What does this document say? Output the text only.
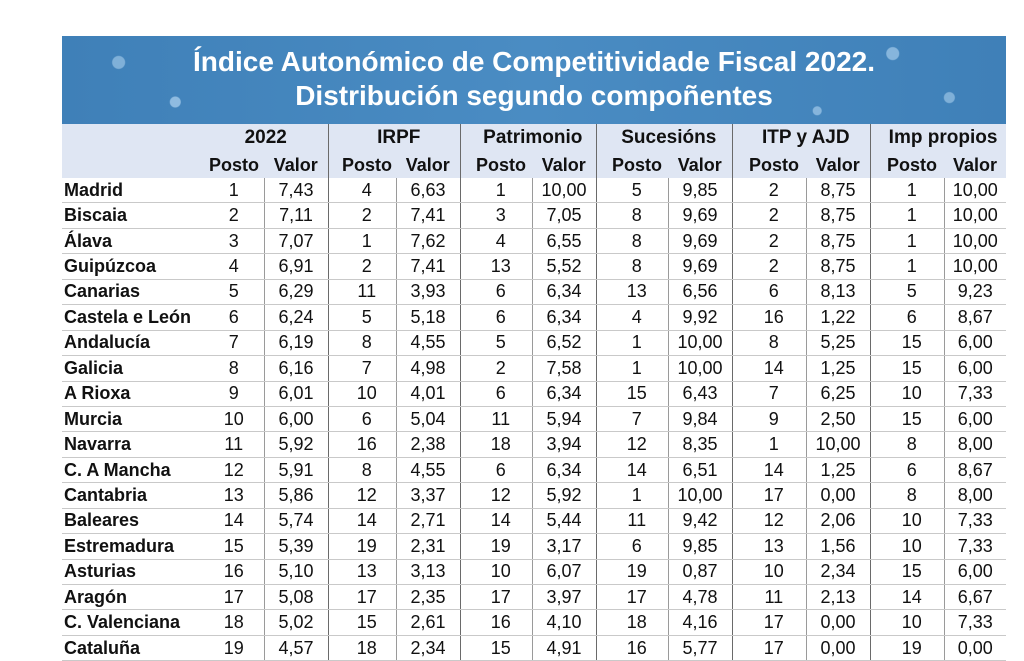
Índice Autonómico de Competitividade Fiscal 2022.
Distribución segundo compoñentes
	2022			IRPF			Patrimonio			Sucesións			ITP y AJD			Imp propios	
	Posto	Valor		Posto	Valor		Posto	Valor		Posto	Valor		Posto	Valor		Posto	Valor
Madrid	1	7,43		4	6,63		1	10,00		5	9,85		2	8,75		1	10,00
Biscaia	2	7,11		2	7,41		3	7,05		8	9,69		2	8,75		1	10,00
Álava	3	7,07		1	7,62		4	6,55		8	9,69		2	8,75		1	10,00
Guipúzcoa	4	6,91		2	7,41		13	5,52		8	9,69		2	8,75		1	10,00
Canarias	5	6,29		11	3,93		6	6,34		13	6,56		6	8,13		5	9,23
Castela e León	6	6,24		5	5,18		6	6,34		4	9,92		16	1,22		6	8,67
Andalucía	7	6,19		8	4,55		5	6,52		1	10,00		8	5,25		15	6,00
Galicia	8	6,16		7	4,98		2	7,58		1	10,00		14	1,25		15	6,00
A Rioxa	9	6,01		10	4,01		6	6,34		15	6,43		7	6,25		10	7,33
Murcia	10	6,00		6	5,04		11	5,94		7	9,84		9	2,50		15	6,00
Navarra	11	5,92		16	2,38		18	3,94		12	8,35		1	10,00		8	8,00
C. A Mancha	12	5,91		8	4,55		6	6,34		14	6,51		14	1,25		6	8,67
Cantabria	13	5,86		12	3,37		12	5,92		1	10,00		17	0,00		8	8,00
Baleares	14	5,74		14	2,71		14	5,44		11	9,42		12	2,06		10	7,33
Estremadura	15	5,39		19	2,31		19	3,17		6	9,85		13	1,56		10	7,33
Asturias	16	5,10		13	3,13		10	6,07		19	0,87		10	2,34		15	6,00
Aragón	17	5,08		17	2,35		17	3,97		17	4,78		11	2,13		14	6,67
C. Valenciana	18	5,02		15	2,61		16	4,10		18	4,16		17	0,00		10	7,33
Cataluña	19	4,57		18	2,34		15	4,91		16	5,77		17	0,00		19	0,00
